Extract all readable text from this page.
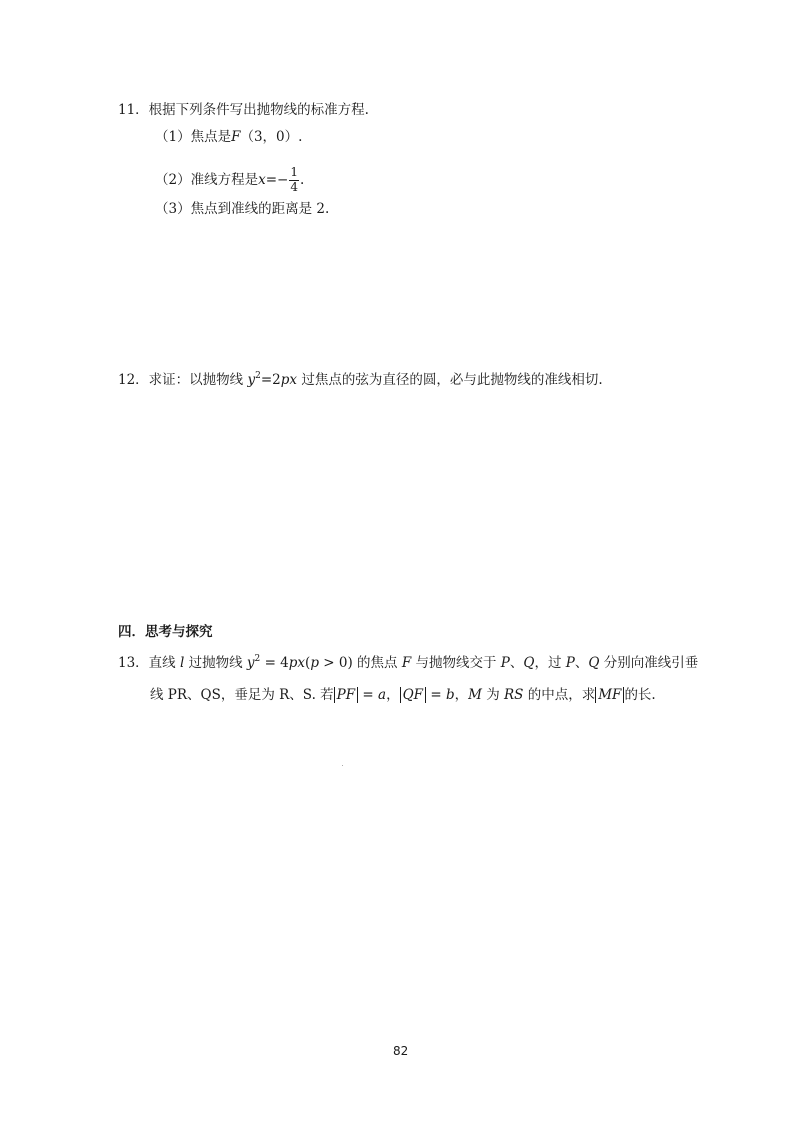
11．根据下列条件写出抛物线的标准方程.
（1）焦点是F（3，0）.
（2）准线方程是$x=- \frac{1}{4}$ .
（3）焦点到准线的距离是 2.
12．求证：以抛物线 $y^2=2px$ 过焦点的弦为直径的圆，必与此抛物线的准线相切.
四．思考与探究
13．直线 l 过抛物线 $y^2 = 4px(p > 0)$ 的焦点 F 与抛物线交于 P、Q，过 P、Q 分别向准线引垂
线 PR、QS，垂足为 R、S. 若 PF = a， QF = b，M 为 RS 的中点，求 MF 的长.
82
